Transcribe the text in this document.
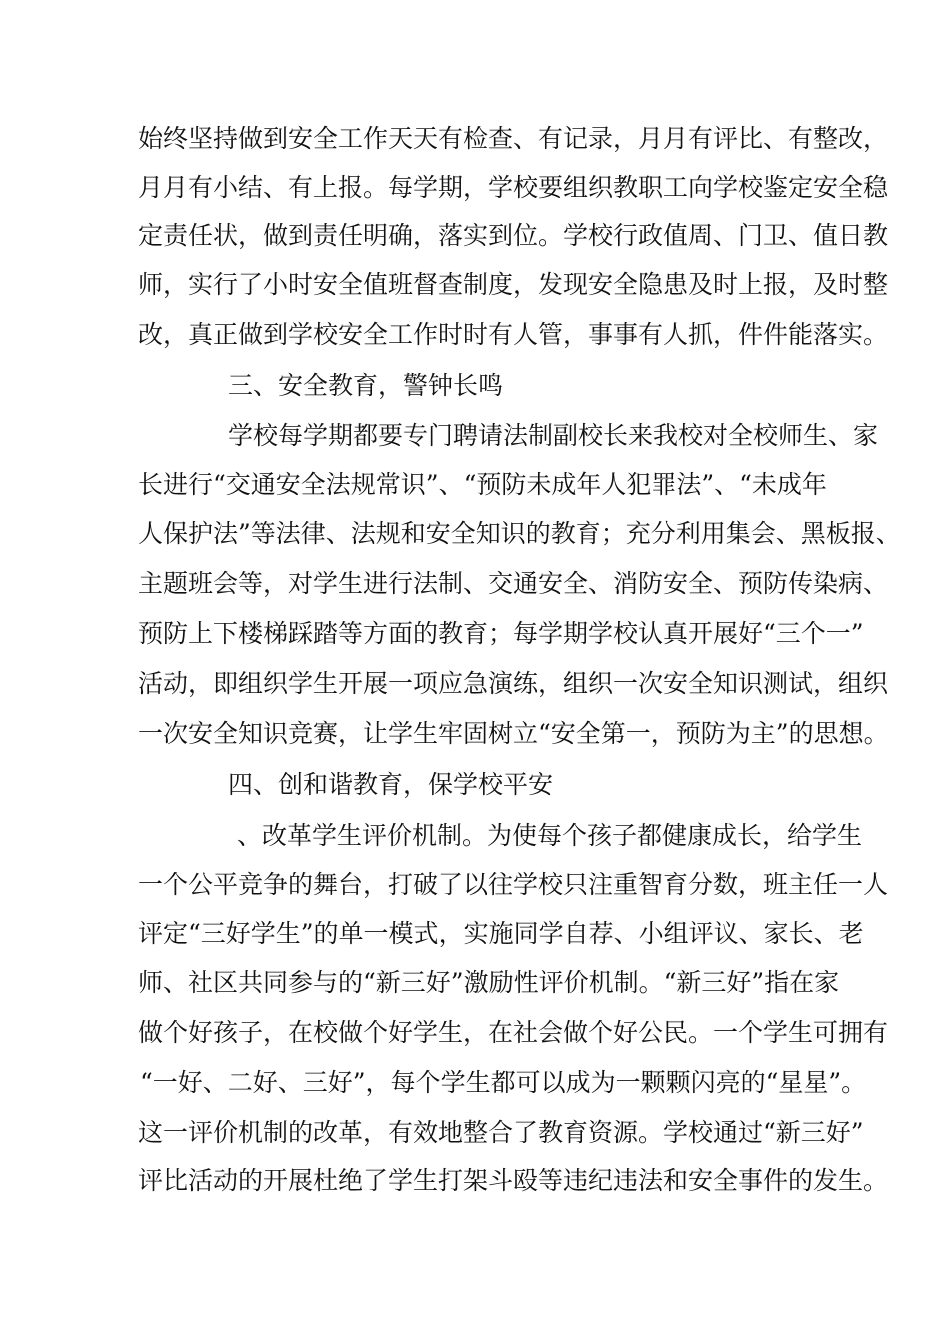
始终坚持做到安全工作天天有检查、有记录，月月有评比、有整改，
月月有小结、有上报。每学期，学校要组织教职工向学校鉴定安全稳
定责任状，做到责任明确，落实到位。学校行政值周、门卫、值日教
师，实行了小时安全值班督查制度，发现安全隐患及时上报，及时整
改，真正做到学校安全工作时时有人管，事事有人抓，件件能落实。
三、安全教育，警钟长鸣
学校每学期都要专门聘请法制副校长来我校对全校师生、家
长进行“交通安全法规常识”、“预防未成年人犯罪法”、“未成年
人保护法”等法律、法规和安全知识的教育；充分利用集会、黑板报、
主题班会等，对学生进行法制、交通安全、消防安全、预防传染病、
预防上下楼梯踩踏等方面的教育；每学期学校认真开展好“三个一”
活动，即组织学生开展一项应急演练，组织一次安全知识测试，组织
一次安全知识竞赛，让学生牢固树立“安全第一，预防为主”的思想。
四、创和谐教育，保学校平安
、改革学生评价机制。为使每个孩子都健康成长，给学生
一个公平竞争的舞台，打破了以往学校只注重智育分数，班主任一人
评定“三好学生”的单一模式，实施同学自荐、小组评议、家长、老
师、社区共同参与的“新三好”激励性评价机制。“新三好”指在家
做个好孩子，在校做个好学生，在社会做个好公民。一个学生可拥有
“一好、二好、三好”，每个学生都可以成为一颗颗闪亮的“星星”。
这一评价机制的改革，有效地整合了教育资源。学校通过“新三好”
评比活动的开展杜绝了学生打架斗殴等违纪违法和安全事件的发生。
